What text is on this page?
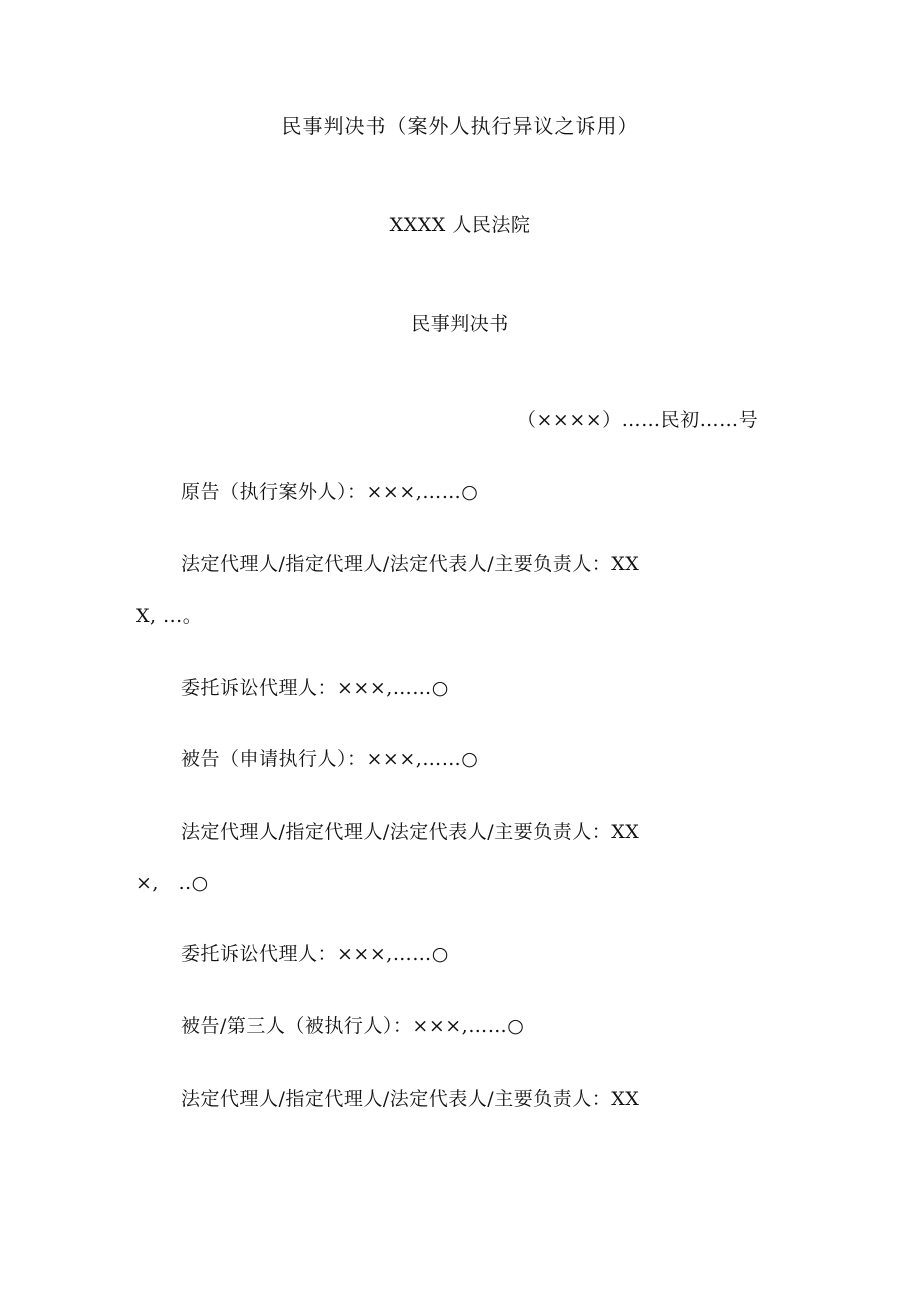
民事判决书（案外人执行异议之诉用）
XXXX 人民法院
民事判决书
（××××）……民初……号
原告（执行案外人）：×××,……○
法定代理人/指定代理人/法定代表人/主要负责人：XX
X, ...。
委托诉讼代理人：×××,……○
被告（申请执行人）：×××,……○
法定代理人/指定代理人/法定代表人/主要负责人：XX
×,   ..○
委托诉讼代理人：×××,……○
被告/第三人（被执行人）：×××,……○
法定代理人/指定代理人/法定代表人/主要负责人：XX
